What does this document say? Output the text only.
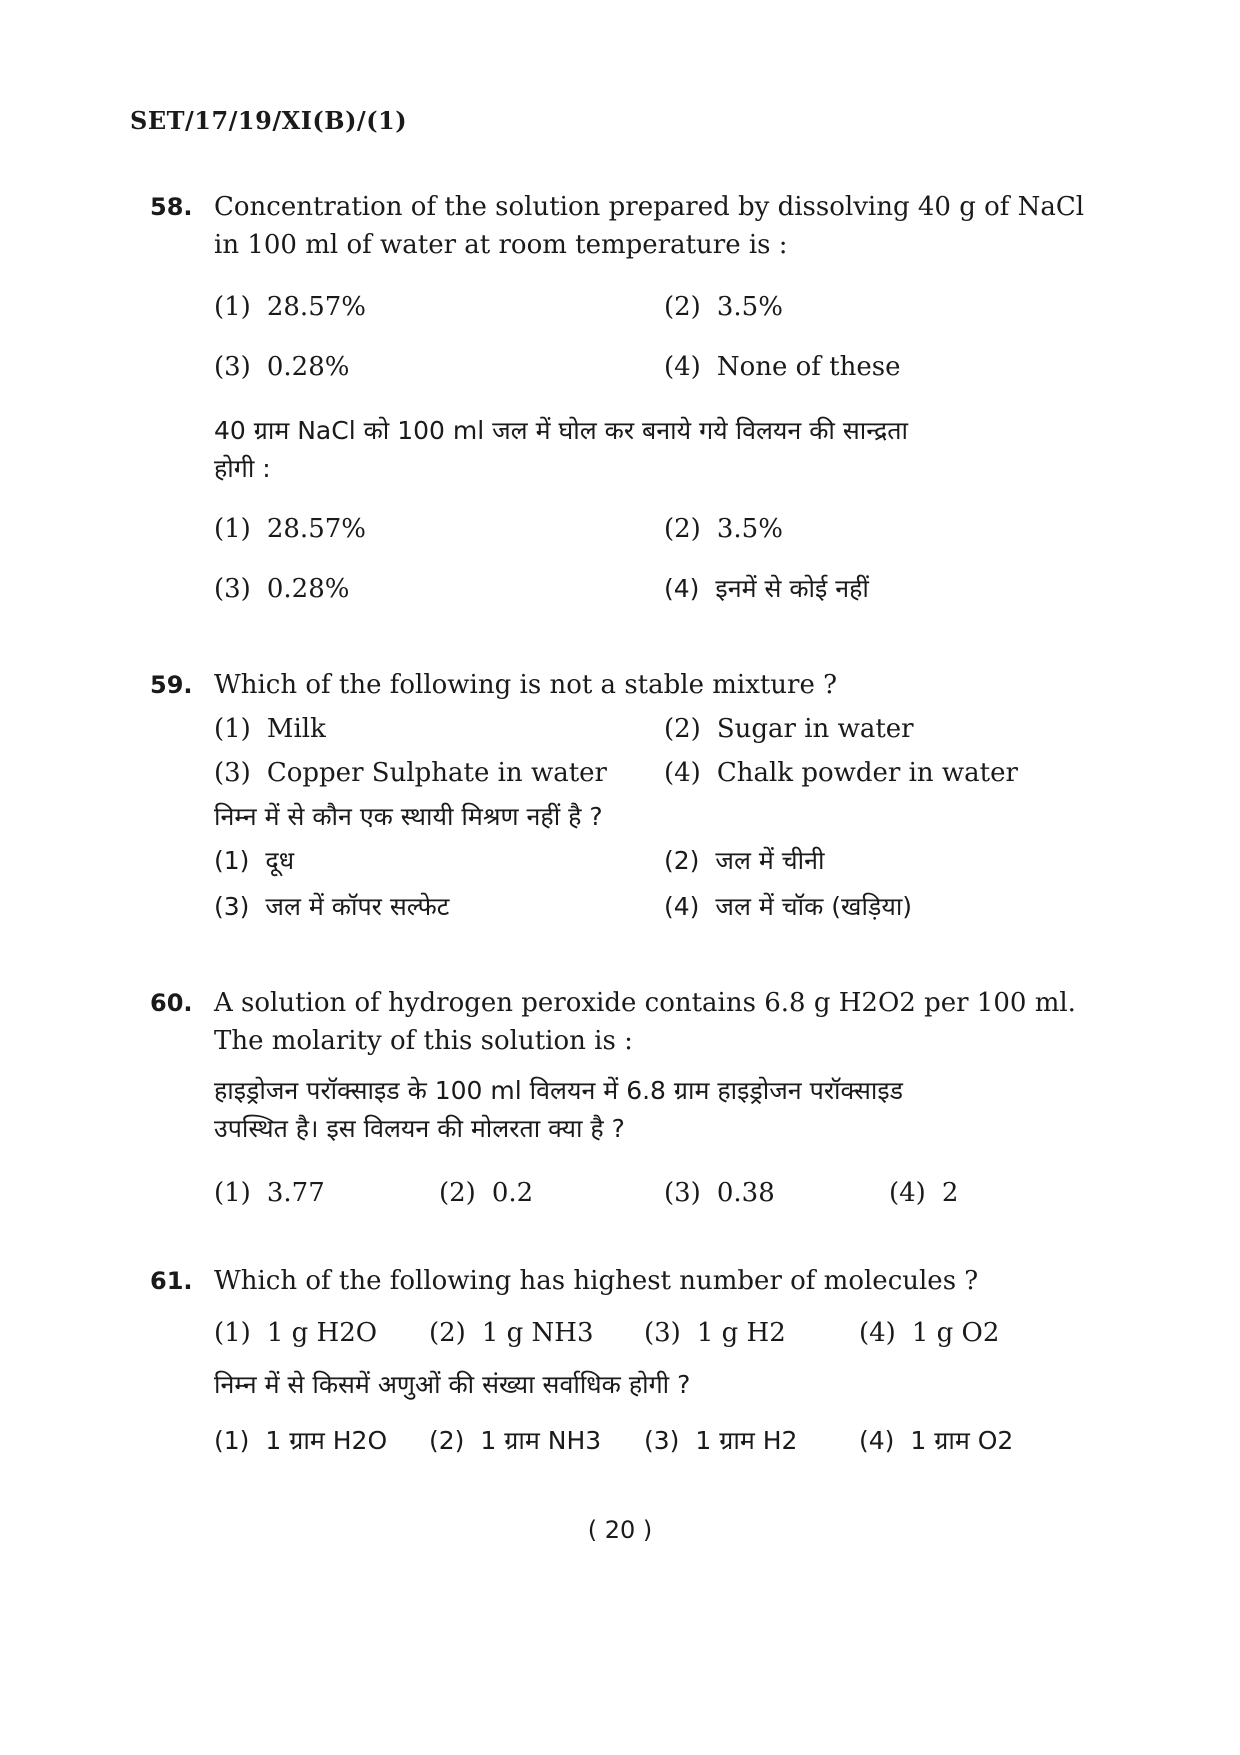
SET/17/19/XI(B)/(1)
58. Concentration of the solution prepared by dissolving 40 g of NaCl
in 100 ml of water at room temperature is :
(1) 28.57%	(2) 3.5%
(3) 0.28%	(4) None of these
40 ग्राम NaCl को 100 ml जल में घोल कर बनाये गये विलयन की सान्द्रता
होगी :
(1) 28.57%	(2) 3.5%
(3) 0.28%	(4) इनमें से कोई नहीं
59. Which of the following is not a stable mixture ?
(1) Milk	(2) Sugar in water
(3) Copper Sulphate in water (4) Chalk powder in water
निम्न में से कौन एक स्थायी मिश्रण नहीं है ?
(1) दूध	(2) जल में चीनी
(3) जल में कॉपर सल्फेट	(4) जल में चॉक (खड़िया)
60. A solution of hydrogen peroxide contains 6.8 g H2O2 per 100 ml.
The molarity of this solution is :
हाइड्रोजन परॉक्साइड के 100 ml विलयन में 6.8 ग्राम हाइड्रोजन परॉक्साइड
उपस्थित है। इस विलयन की मोलरता क्या है ?
(1) 3.77	(2) 0.2	(3) 0.38	(4) 2
61. Which of the following has highest number of molecules ?
(1) 1 g H2O (2) 1 g NH3 (3) 1 g H2	(4) 1 g O2
निम्न में से किसमें अणुओं की संख्या सर्वाधिक होगी ?
(1) 1 ग्राम H2O (2) 1 ग्राम NH3 (3) 1 ग्राम H2 (4) 1 ग्राम O2
( 20 )
